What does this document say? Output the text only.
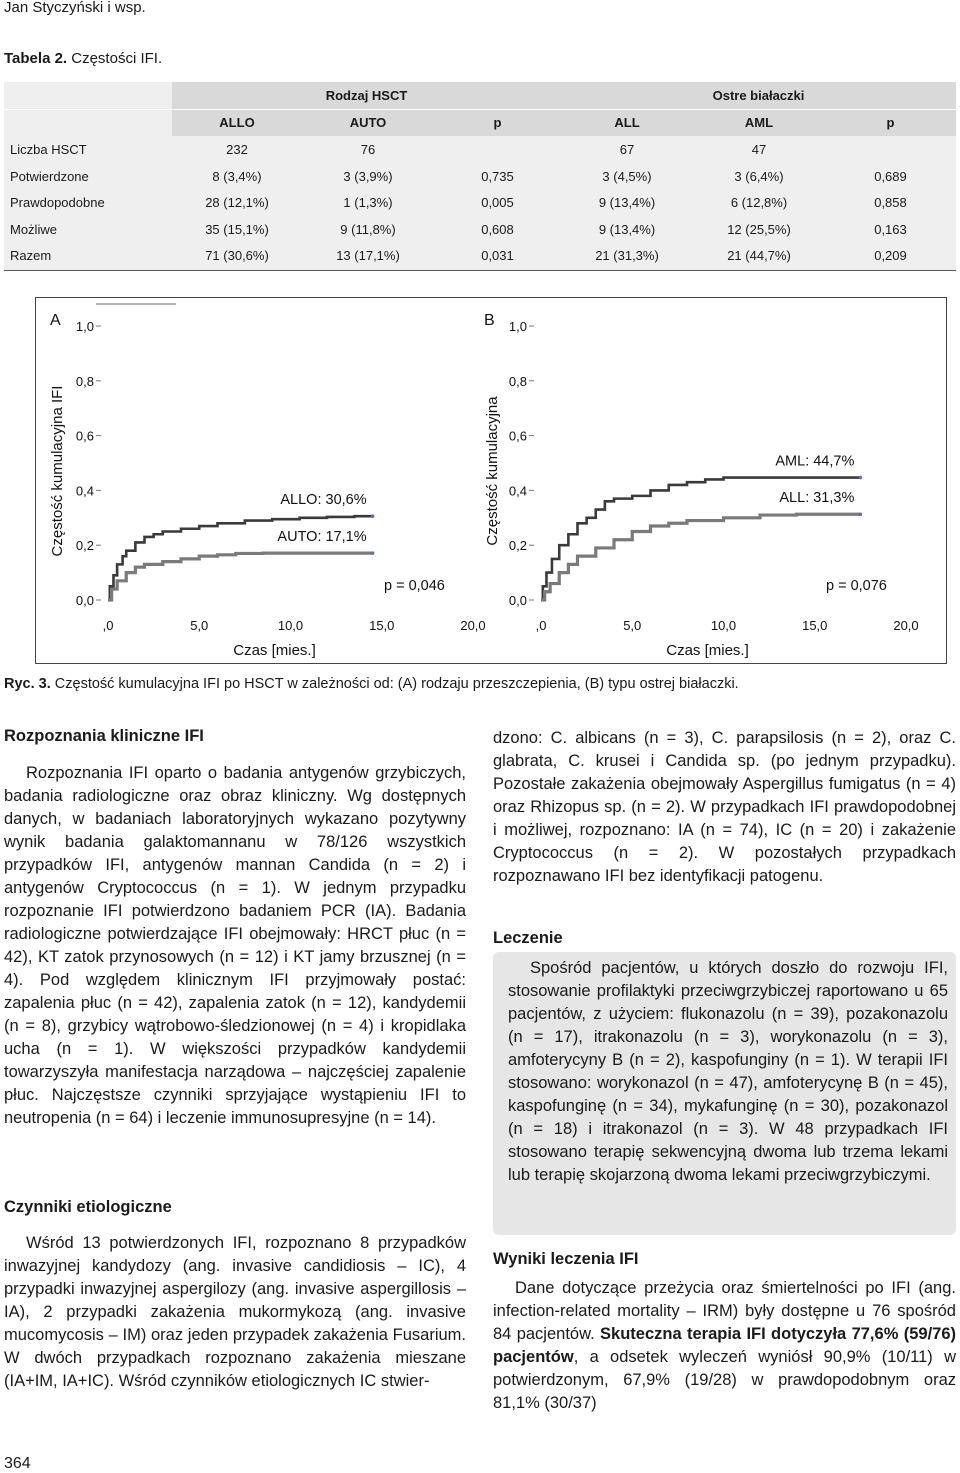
Jan Styczyński i wsp.
Tabela 2. Częstości IFI.
	Rodzaj HSCT			Ostre białaczki		
	ALLO	AUTO	p	ALL	AML	p
Liczba HSCT	232	76		67	47	
Potwierdzone	8 (3,4%)	3 (3,9%)	0,735	3 (4,5%)	3 (6,4%)	0,689
Prawdopodobne	28 (12,1%)	1 (1,3%)	0,005	9 (13,4%)	6 (12,8%)	0,858
Możliwe	35 (15,1%)	9 (11,8%)	0,608	9 (13,4%)	12 (25,5%)	0,163
Razem	71 (30,6%)	13 (17,1%)	0,031	21 (31,3%)	21 (44,7%)	0,209
A
0,0
0,2
0,4
0,6
0,8
1,0
Częstość kumulacyjna IFI
,0	5,0	10,0	15,0	20,0
Czas [mies.]
p = 0,046
ALLO: 30,6%
AUTO: 17,1%
B
0,0
0,2
0,4
0,6
0,8
1,0
Częstość kumulacyjna
,0	5,0	10,0	15,0	20,0
Czas [mies.]
p = 0,076
AML: 44,7%
ALL: 31,3%
Ryc. 3. Częstość kumulacyjna IFI po HSCT w zależności od: (A) rodzaju przeszczepienia, (B) typu ostrej białaczki.
Rozpoznania kliniczne IFI
Rozpoznania IFI oparto o badania antygenów grzybiczych, badania radiologiczne oraz obraz kliniczny. Wg dostępnych danych, w badaniach laboratoryjnych wykazano pozytywny wynik badania galaktomannanu w 78/126 wszystkich przypadków IFI, antygenów mannan Candida (n = 2) i antygenów Cryptococcus (n = 1). W jednym przypadku rozpoznanie IFI potwierdzono badaniem PCR (IA). Badania radiologiczne potwierdzające IFI obejmowały: HRCT płuc (n = 42), KT zatok przynosowych (n = 12) i KT jamy brzusznej (n = 4). Pod względem klinicznym IFI przyjmowały postać: zapalenia płuc (n = 42), zapalenia zatok (n = 12), kandydemii (n = 8), grzybicy wątrobowo-śledzionowej (n = 4) i kropidlaka ucha (n = 1). W większości przypadków kandydemii towarzyszyła manifestacja narządowa – najczęściej zapalenie płuc. Najczęstsze czynniki sprzyjające wystąpieniu IFI to neutropenia (n = 64) i leczenie immunosupresyjne (n = 14).
Czynniki etiologiczne
Wśród 13 potwierdzonych IFI, rozpoznano 8 przypadków inwazyjnej kandydozy (ang. invasive candidiosis – IC), 4 przypadki inwazyjnej aspergilozy (ang. invasive aspergillosis – IA), 2 przypadki zakażenia mukormykozą (ang. invasive mucomycosis – IM) oraz jeden przypadek zakażenia Fusarium. W dwóch przypadkach rozpoznano zakażenia mieszane (IA+IM, IA+IC). Wśród czynników etiologicznych IC stwier-
dzono: C. albicans (n = 3), C. parapsilosis (n = 2), oraz C. glabrata, C. krusei i Candida sp. (po jednym przypadku). Pozostałe zakażenia obejmowały Aspergillus fumigatus (n = 4) oraz Rhizopus sp. (n = 2). W przypadkach IFI prawdopodobnej i możliwej, rozpoznano: IA (n = 74), IC (n = 20) i zakażenie Cryptococcus (n = 2). W pozostałych przypadkach rozpoznawano IFI bez identyfikacji patogenu.
Leczenie
Spośród pacjentów, u których doszło do rozwoju IFI, stosowanie profilaktyki przeciwgrzybiczej raportowano u 65 pacjentów, z użyciem: flukonazolu (n = 39), pozakonazolu (n = 17), itrakonazolu (n = 3), worykonazolu (n = 3), amfoterycyny B (n = 2), kaspofunginy (n = 1). W terapii IFI stosowano: worykonazol (n = 47), amfoterycynę B (n = 45), kaspofunginę (n = 34), mykafunginę (n = 30), pozakonazol (n = 18) i itrakonazol (n = 3). W 48 przypadkach IFI stosowano terapię sekwencyjną dwoma lub trzema lekami lub terapię skojarzoną dwoma lekami przeciwgrzybiczymi.
Wyniki leczenia IFI
Dane dotyczące przeżycia oraz śmiertelności po IFI (ang. infection-related mortality – IRM) były dostępne u 76 spośród 84 pacjentów. Skuteczna terapia IFI dotyczyła 77,6% (59/76) pacjentów, a odsetek wyleczeń wyniósł 90,9% (10/11) w potwierdzonym, 67,9% (19/28) w prawdopodobnym oraz 81,1% (30/37)
364
